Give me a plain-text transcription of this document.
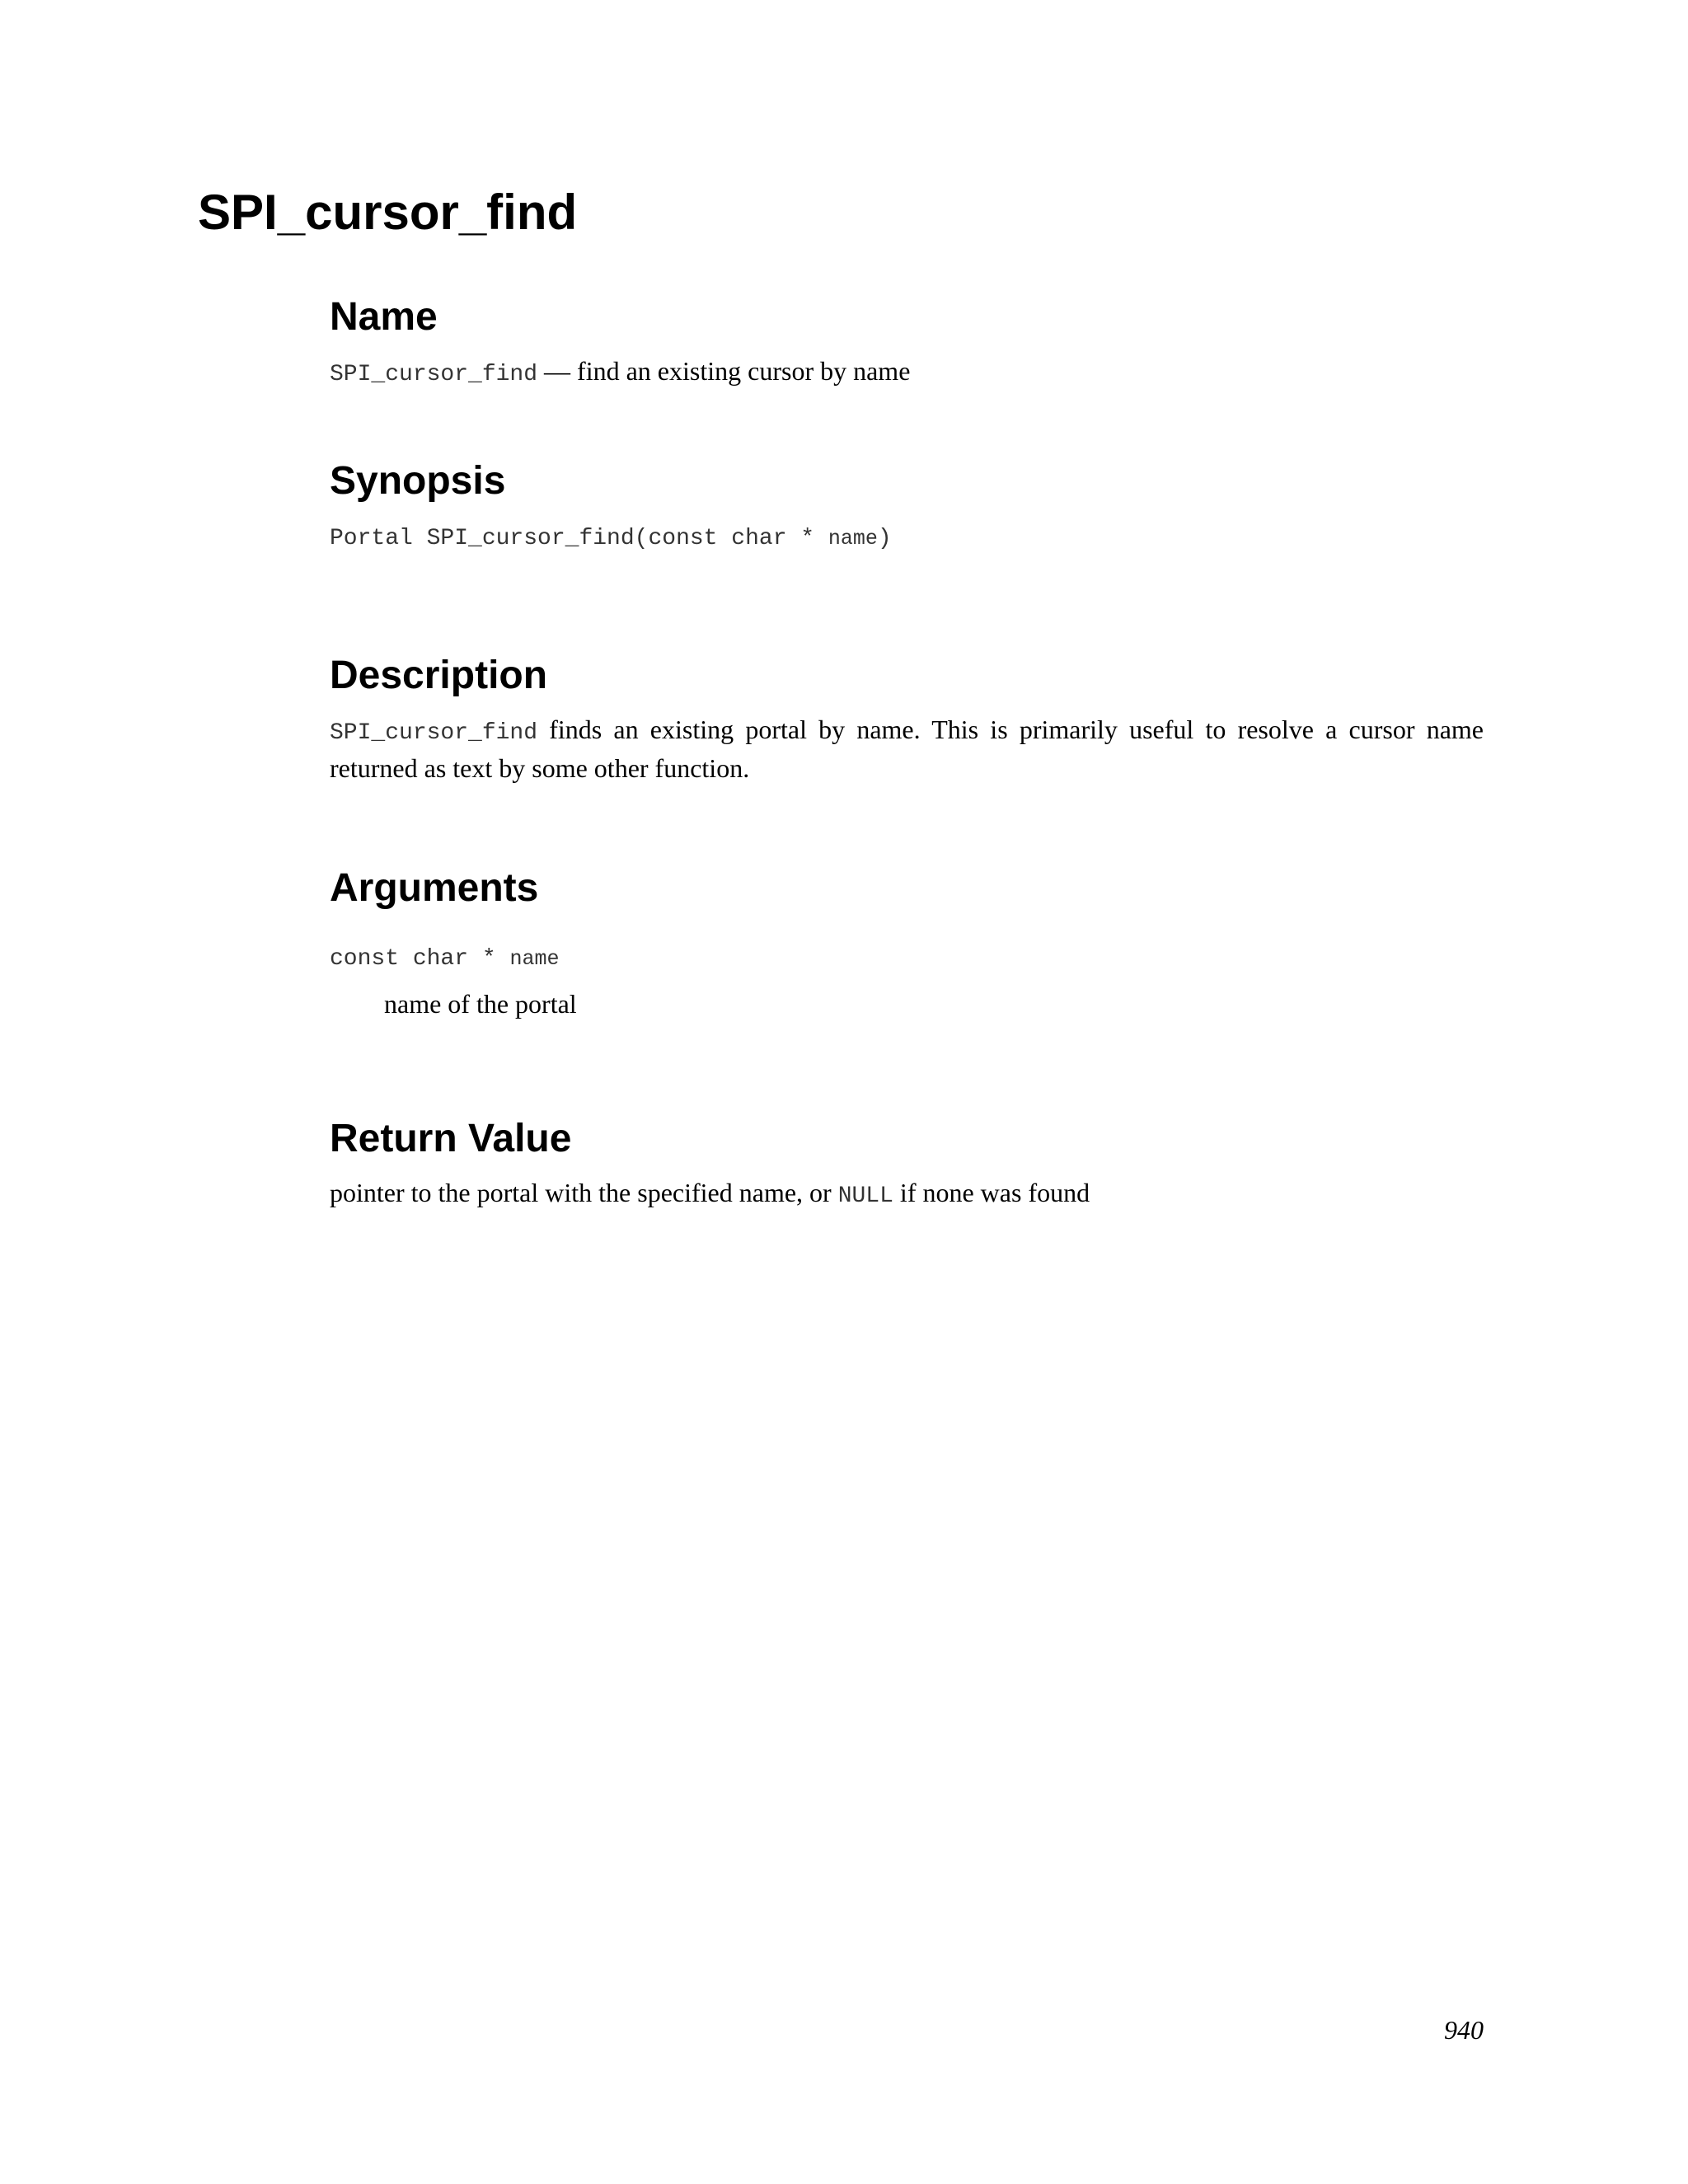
SPI_cursor_find
Name
SPI_cursor_find — find an existing cursor by name
Synopsis
Portal SPI_cursor_find(const char * name)
Description

SPI_cursor_find finds an existing portal by name. This is primarily useful to resolve a cursor name returned as text by some other function.

Arguments
const char * name
name of the portal
Return Value
pointer to the portal with the specified name, or NULL if none was found
940
